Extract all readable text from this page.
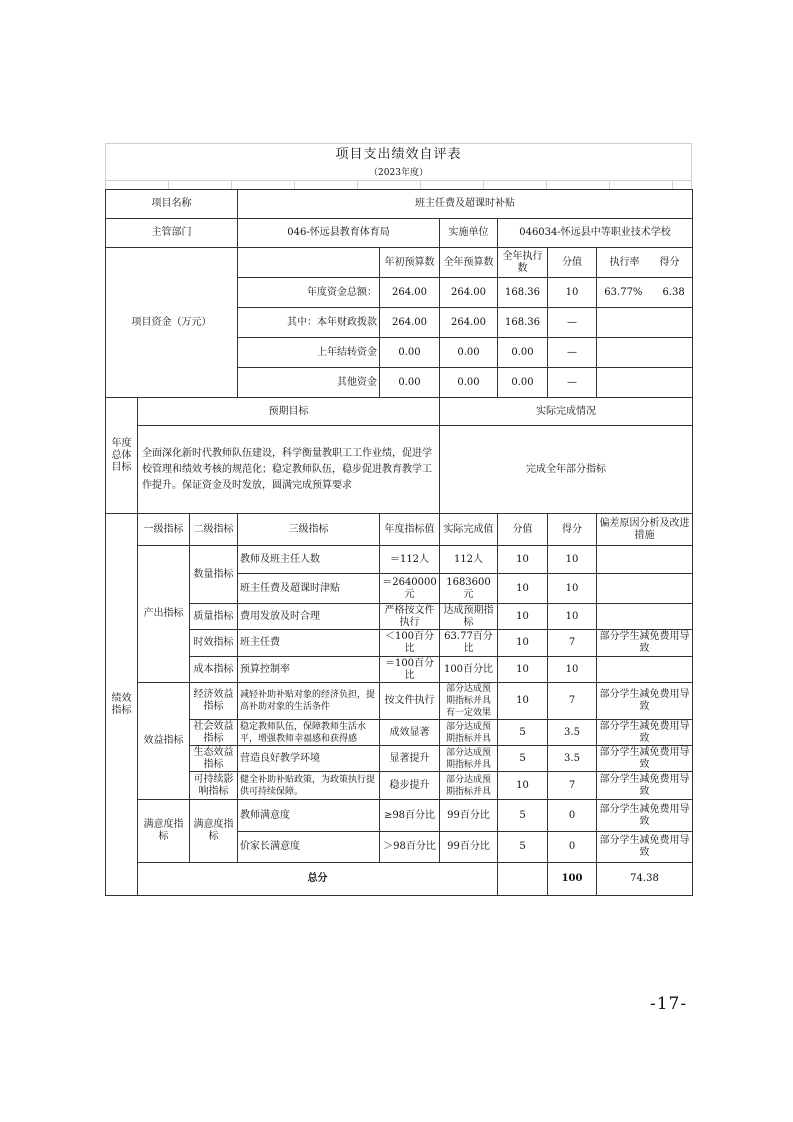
项目支出绩效自评表
（2023年度）
项目名称			班主任费及超课时补贴						
主管部门			046-怀远县教育体育局		实施单位	046034-怀远县中等职业技术学校			
项目资金（万元）				年初预算数	全年预算数	全年执行数	分值	执行率　　 得分	
			年度资金总额：	264.00	264.00	168.36	10	63.77%　　 6.38	
			其中：本年财政拨款	264.00	264.00	168.36	—		
			上年结转资金	0.00	0.00	0.00	—		
			其他资金	0.00	0.00	0.00	—		
年度总体目标	预期目标				实际完成情况				
	全面深化新时代教师队伍建设，科学衡量教职工工作业绩，促进学校管理和绩效考核的规范化；稳定教师队伍，稳步促进教育教学工作提升。保证资金及时发放，圆满完成预算要求				完成全年部分指标				
绩效指标	一级指标	二级指标	三级指标	年度指标值	实际完成值	分值	得分	偏差原因分析及改进措施	
	产出指标	数量指标	教师及班主任人数	＝112人	112人	10	10		
			班主任费及超课时津贴	＝2640000元	1683600元	10	10		
		质量指标	费用发放及时合理	严格按文件执行	达成预期指标	10	10		
		时效指标	班主任费	＜100百分比	63.77百分比	10	7	部分学生减免费用导致	
		成本指标	预算控制率	＝100百分比	100百分比	10	10		
	效益指标	经济效益指标	减轻补助补贴对象的经济负担，提高补助对象的生活条件	按文件执行	部分达成预期指标并具有一定效果	10	7	部分学生减免费用导致	
		社会效益指标	稳定教师队伍，保障教师生活水平，增强教师幸福感和获得感	成效显著	部分达成预期指标并具	5	3.5	部分学生减免费用导致	
		生态效益指标	营造良好教学环境	显著提升	部分达成预期指标并具	5	3.5	部分学生减免费用导致	
		可持续影响指标	健全补助补贴政策，为政策执行提供可持续保障。	稳步提升	部分达成预期指标并具	10	7	部分学生减免费用导致	
	满意度指标	满意度指标	教师满意度	≥98百分比	99百分比	5	0	部分学生减免费用导致	
			价家长满意度	＞98百分比	99百分比	5	0	部分学生减免费用导致	
	总分						100	74.38	
-17-
